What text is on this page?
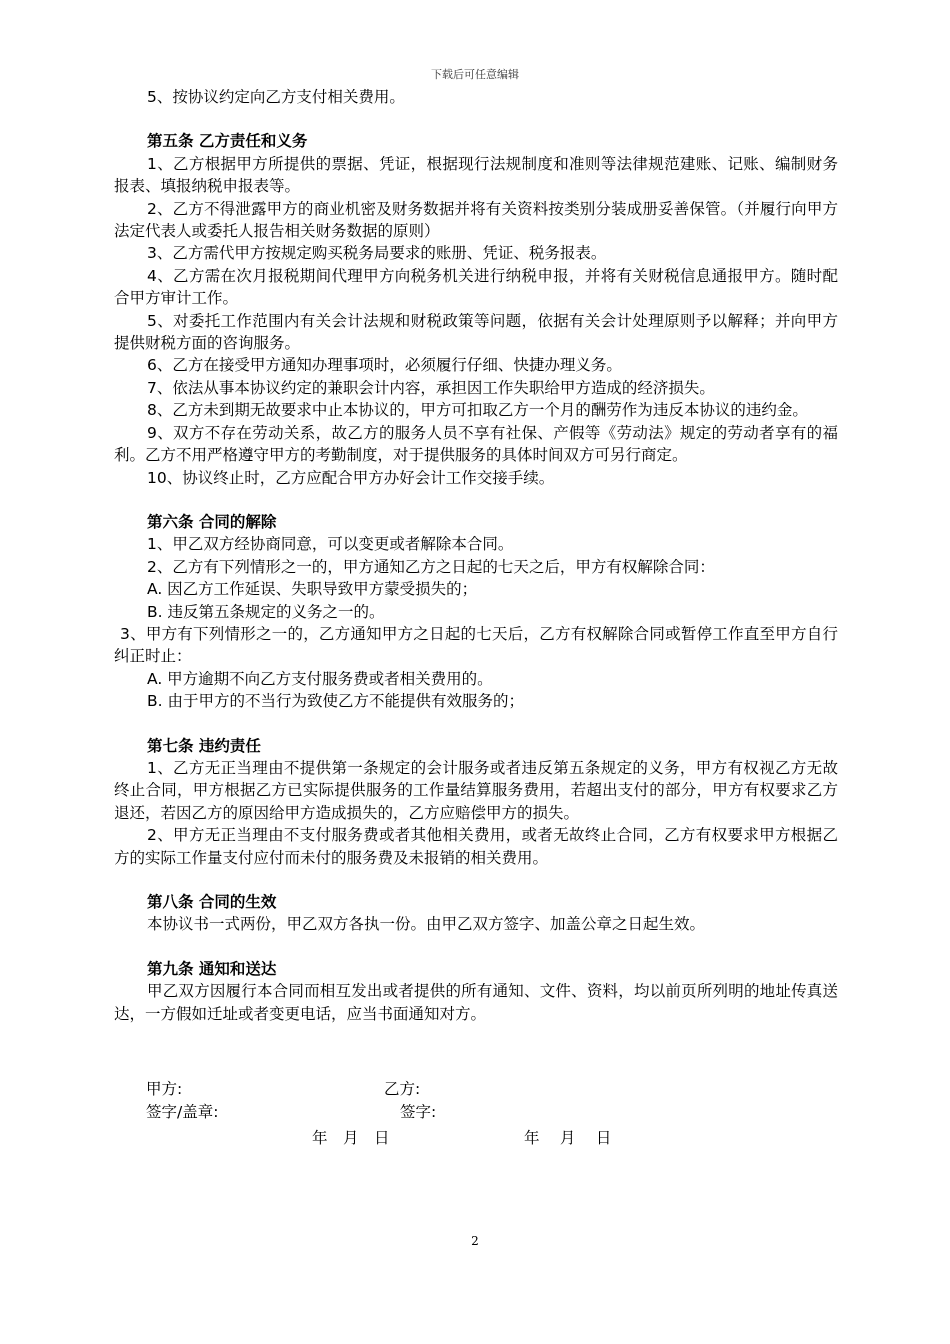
下载后可任意编辑

5、按协议约定向乙方支付相关费用。

第五条 乙方责任和义务

1、乙方根据甲方所提供的票据、凭证，根据现行法规制度和准则等法律规范建账、记账、编制财务报表、填报纳税申报表等。

2、乙方不得泄露甲方的商业机密及财务数据并将有关资料按类别分装成册妥善保管。（并履行向甲方法定代表人或委托人报告相关财务数据的原则）

3、乙方需代甲方按规定购买税务局要求的账册、凭证、税务报表。

4、乙方需在次月报税期间代理甲方向税务机关进行纳税申报，并将有关财税信息通报甲方。随时配合甲方审计工作。

5、对委托工作范围内有关会计法规和财税政策等问题，依据有关会计处理原则予以解释；并向甲方提供财税方面的咨询服务。

6、乙方在接受甲方通知办理事项时，必须履行仔细、快捷办理义务。

7、依法从事本协议约定的兼职会计内容，承担因工作失职给甲方造成的经济损失。

8、乙方未到期无故要求中止本协议的，甲方可扣取乙方一个月的酬劳作为违反本协议的违约金。

9、双方不存在劳动关系，故乙方的服务人员不享有社保、产假等《劳动法》规定的劳动者享有的福利。乙方不用严格遵守甲方的考勤制度，对于提供服务的具体时间双方可另行商定。

10、协议终止时，乙方应配合甲方办好会计工作交接手续。

第六条 合同的解除

1、甲乙双方经协商同意，可以变更或者解除本合同。

2、乙方有下列情形之一的，甲方通知乙方之日起的七天之后，甲方有权解除合同：

A. 因乙方工作延误、失职导致甲方蒙受损失的；

B. 违反第五条规定的义务之一的。

3、甲方有下列情形之一的，乙方通知甲方之日起的七天后，乙方有权解除合同或暂停工作直至甲方自行纠正时止：

A. 甲方逾期不向乙方支付服务费或者相关费用的。

B. 由于甲方的不当行为致使乙方不能提供有效服务的；

第七条 违约责任

1、乙方无正当理由不提供第一条规定的会计服务或者违反第五条规定的义务，甲方有权视乙方无故终止合同，甲方根据乙方已实际提供服务的工作量结算服务费用，若超出支付的部分，甲方有权要求乙方退还，若因乙方的原因给甲方造成损失的，乙方应赔偿甲方的损失。

2、甲方无正当理由不支付服务费或者其他相关费用，或者无故终止合同，乙方有权要求甲方根据乙方的实际工作量支付应付而未付的服务费及未报销的相关费用。

第八条 合同的生效

本协议书一式两份，甲乙双方各执一份。由甲乙双方签字、加盖公章之日起生效。

第九条 通知和送达

甲乙双方因履行本合同而相互发出或者提供的所有通知、文件、资料，均以前页所列明的地址传真送达，一方假如迁址或者变更电话，应当书面通知对方。

甲方:	乙方:
签字/盖章:	签字:
年　月　日	年　 月　 日
2
